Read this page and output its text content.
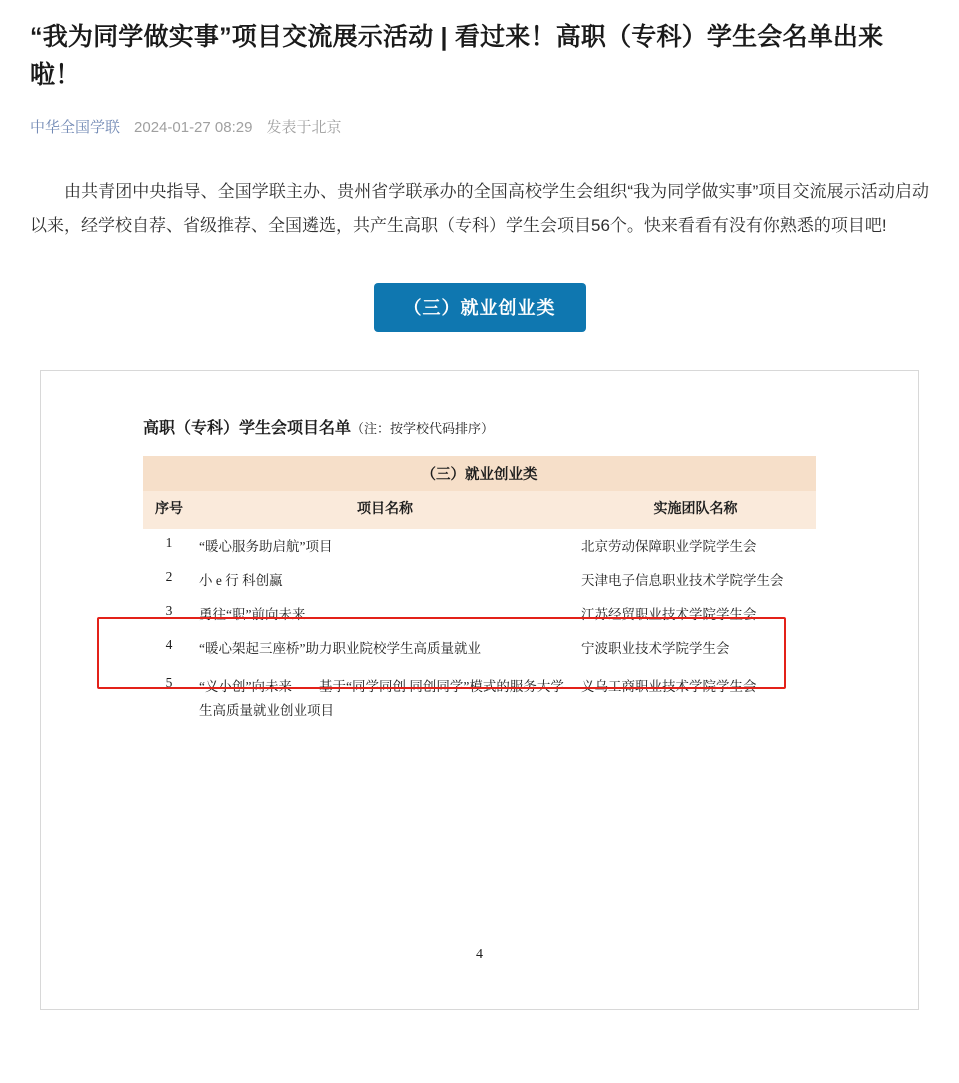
“我为同学做实事”项目交流展示活动 | 看过来！高职（专科）学生会名单出来啦！
中华全国学联 2024-01-27 08:29 发表于北京

由共青团中央指导、全国学联主办、贵州省学联承办的全国高校学生会组织“我为同学做实事”项目交流展示活动启动以来，经学校自荐、省级推荐、全国遴选，共产生高职（专科）学生会项目56个。快来看看有没有你熟悉的项目吧!

（三）就业创业类
高职（专科）学生会项目名单（注：按学校代码排序）
（三）就业创业类		
序号	项目名称	实施团队名称
1	“暖心服务助启航”项目	北京劳动保障职业学院学生会
2	小 e 行 科创赢	天津电子信息职业技术学院学生会
3	勇往“职”前向未来	江苏经贸职业技术学院学生会
4	“暖心架起三座桥”助力职业院校学生高质量就业	宁波职业技术学院学生会
5	“义小创”向未来——基于“同学同创 同创同学”模式的服务大学生高质量就业创业项目	义乌工商职业技术学院学生会
4
